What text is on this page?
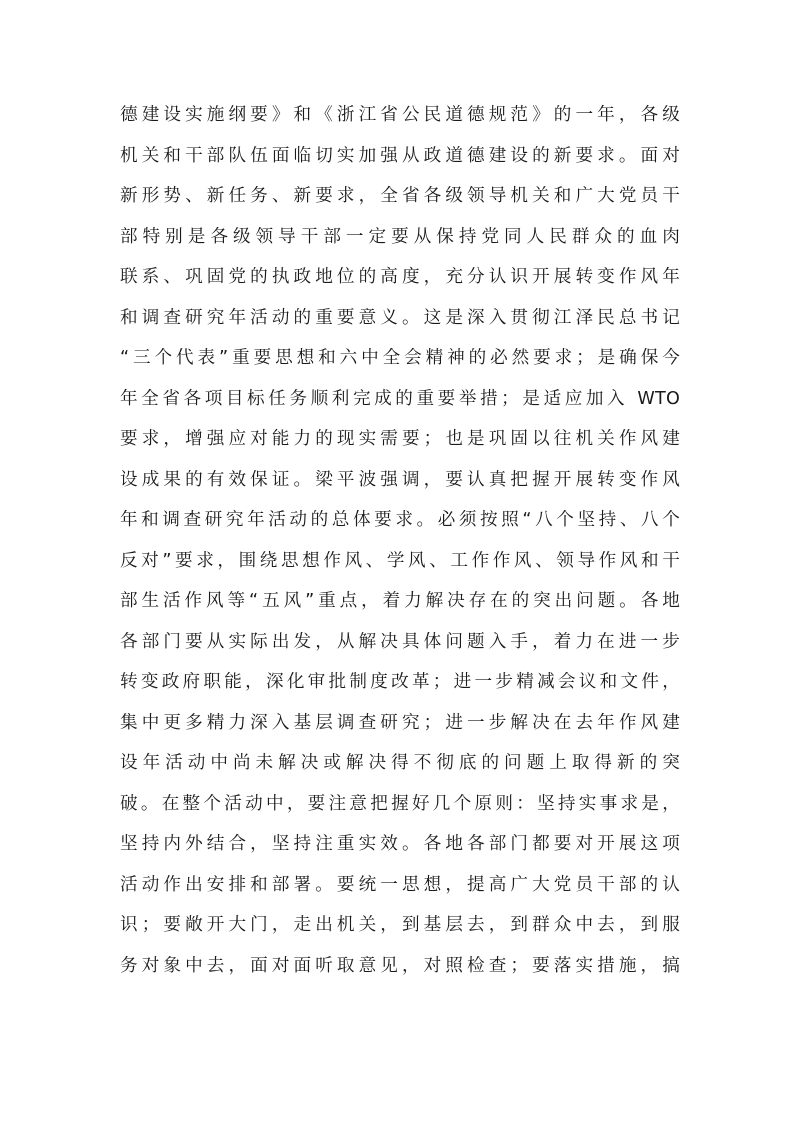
德建设实施纲要》和《浙江省公民道德规范》的一年，各级
机关和干部队伍面临切实加强从政道德建设的新要求。面对
新形势、新任务、新要求，全省各级领导机关和广大党员干
部特别是各级领导干部一定要从保持党同人民群众的血肉
联系、巩固党的执政地位的高度，充分认识开展转变作风年
和调查研究年活动的重要意义。这是深入贯彻江泽民总书记
“三个代表”重要思想和六中全会精神的必然要求；是确保今
年全省各项目标任务顺利完成的重要举措；是适应加入 WTO
要求，增强应对能力的现实需要；也是巩固以往机关作风建
设成果的有效保证。梁平波强调，要认真把握开展转变作风
年和调查研究年活动的总体要求。必须按照“八个坚持、八个
反对”要求，围绕思想作风、学风、工作作风、领导作风和干
部生活作风等“五风”重点，着力解决存在的突出问题。各地
各部门要从实际出发，从解决具体问题入手，着力在进一步
转变政府职能，深化审批制度改革；进一步精减会议和文件，
集中更多精力深入基层调查研究；进一步解决在去年作风建
设年活动中尚未解决或解决得不彻底的问题上取得新的突
破。在整个活动中，要注意把握好几个原则：坚持实事求是，
坚持内外结合，坚持注重实效。各地各部门都要对开展这项
活动作出安排和部署。要统一思想，提高广大党员干部的认
识；要敞开大门，走出机关，到基层去，到群众中去，到服
务对象中去，面对面听取意见，对照检查；要落实措施，搞
